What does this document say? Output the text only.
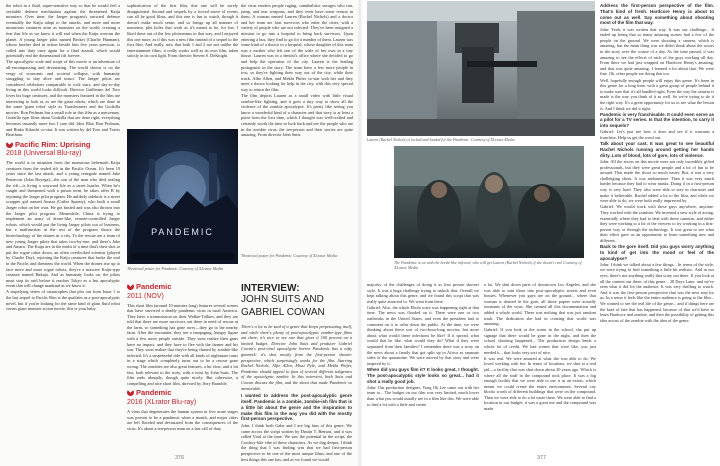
the robot in a fluid, super-sensitive way so that he would feel a veritable defense mechanism against the threatened Kaiju monsters. Over time, the Jaeger program's outward defense eventually the Kaiju adapt to the attacks, and more and more monstrous creatures arise as monsters on the world, creating a fear that life as we know it will end when the Kaiju overrun the planet. A young Jaeger pilot named Becket (Charlie Hunnam), whose brother died in action beside him five years previous, is called into duty once again for a final assault, which would potentially end the dimensional rift forever.

The apocalyptic scale and scope of this movie is an adventure of all-encompassing and devastating. The world shown is on the verge of economic and societal collapse, with humanity struggling to stay alive and intact. The Jaeger pilots are considered celebrities comparable to rock stars, and day-to-day living in this world looks difficult. Director Guillermo del Toro loves his huge creatures, and the monsters featured in the film are interesting to look at, as are the giant robots, which are done in the same 'giant robot' style as Transformers and the Godzilla movies. Ron Perlman has a small role in this film as a mercenary. Godzilla type films about Godzilla that are done right, everything becomes instantly more fun. I sure did. Idris Elba, Ron Perlman, and Rinko Kikuchi co-star. It was written by del Toro and Travis Beacham.

Pacific Rim: Uprising
2018 (Universal Blu-ray)

The world is in ruination from the monstrous behemoth Kaiju creatures from the sealed rift in the Pacific Ocean. It's been 10 years since the last attack, and a young renegade named Jake Pentecost (John Boyega)—the son of the man who died sealing the rift—is living a wayward life as a street hustler. When he's caught and threatened with a prison term, he takes offer B by rejoining the Jaeger pilot program. He unlikely sidekick is a street scrapper girl named Amara (Cailee Spaeny), who built a small Jaeger robot on her own. He got busted and was also thrown into the Jaeger pilot program. Meanwhile, China is trying to implement an army of drone-like, remote-controlled Jaeger robots, which would put the living Jaeger pilots out of business, but a malfunction in the rest of the program shows the biotechnology of the drones in a city. To the rescue are a team of new young Jaeger pilots that takes two-by-one, and there's Jake and Amara. The Kaiju are in the midst of a time that's their shot to put the rogue robot down, an often overlooked scientist (played by Charlie Day), rejoining the Kaiju creatures that broke the seal in the Pacific and threatens the world. When the drones rise up to face more and more rogue robots, they're a massive Kaiju-type creature named Hakuja. And as humanity looks on, the pilots must stop its raid before it reaches Tokyo as a last apocalyptic event that will change mankind as we know it.

A stupefying series of catastrophes that plot out from Issue 1 to the last sequel to Pacific Rim is the qualities as a post-apocalyptic novel, but if you're looking for the same kind of giant fluid robot versus giant monster action movie, this is your baby.

sophistication of the first film, this one will be sorely disappointed. Second and sequels by a forced move of events can all be good films, and this one is fun to watch, though it doesn't make much sense, and so brings up all manner of nonsense, plot holes that work as it's meant to be, for fun. I liked these out of the few plotstreams in that way, and I enjoyed this one more, as if this was a new film instead of a sequel to the first film. And really, now that both 1 and 2 are not unlike the entertainment films, it really works well as its own film, taken strictly in its own light. From director Steven S. DeKnight.

PANDEMIC
Theatrical poster for Pandemic. Courtesy of XLrator Media
Pandemic
2011 (NOV)

This short film (around 10 minutes long) features several scenes that have survived a deadly pandemic virus in rural America. They have a transmission on their Walkie-Talkies, and they are told that there are more survivors out there in need of rescue at the farm, so something has gone awry—they go to the nearby farm. After the encounter, they see a rampaging, hungry figure with a few more people outside. They soon realize their guns have no impact, and they have to flee with the farmer and his son. They soon realize that they're being chased by zombie-like infected. It's a suspenseful ride with all kinds of nightmare turns in a stage which completely turns out to be a rescue gone wrong. The zombies are also great features, a bit slow, and a bit fast, both relevant to the story, with a twist by John Suits. The film ends abruptly, though quite nicely. But otherwise, a compelling and nice short film, directed by Jerry Bramble.

Pandemic
2016 (XLrator Blu-ray)

A virus that degenerates the human system in five acute stages was proven to be a pandemic when a month, and major cities are left flooded and devastated from the consequences of the virus. It's about a ten-person team on a last call of duty

the virus renders people raging, cannibalistic savages who run, jump, and tear weapons, and they even have some reason in them. A woman named Lauren (Rachel Nichols) and a doctor and her team are four survivors who enter the cities, with a variety of people who are not infected. They've been assigned a mission to go into a hospital to bring back survivors. Upon entering a bus, they find to go for a number of them. Lauren was some kind of a doctor in a hospital, whose daughter of this team was a mother who left one of the scale of her own in a tiny house. Lauren was in a dentist's office where she decided to go and help the operation of the city. Lauren is the leading protagonist in the story. The team have a few more people in tow, so they're fighting their way out of the city, while their truck. Alfie Allen, and Mekhi Phifer co-star with her and they meet a doctor looking for help in the city, with this very special way to return the film.

The film depicts Lauren as a small video with little visual zombie-like fighting, and it goes a tiny way to show all the violence of the zombie apocalypse. It's pretty like seeing you know a wonderful kind of a character and that story is at least a point from the first time, which I thought was well-crafted and certainly worth the time to look back and see the people who are in the zombie virus, the ten-person and their stories are quite amazing. From director John Suits.

Theatrical poster for Pandemic. Courtesy of XLrator Media
INTERVIEW:
JOHN SUITS AND
GABRIEL COWAN

There's a lot to be said of a genre that keeps perpetuating itself, and while there's plenty of post-apocalyptic zombie-type films out there, it's nice to see one that gives it 100 percent on a limited budget. Director John Suits and producer Gabriel Cowan's post-viral apocalyptic horror Pandemic has a nifty gimmick: it's shot mostly from the first-person shooter perspective, which surprisingly works for the film. Starring Rachel Nichols, Alfie Allen, Missi Pyle, and Mekhi Phifer, Pandemic should appeal to fans of several different subgenres of the apocalyptic zombie. In this interview, both Suits and Cowan discuss the film, and the shoot that made Pandemic so memorable.

I wanted to address the post-apocalyptic genre itself. Pandemic is a zombie, zombie-ish film that is a little bit about the genre and the inspiration to make this film in the way you did with the mostly first-person perspective.

John: I think both Gabe and I are big fans of this genre. We came across the script written by Dustin T. Benson, and it was called Viral at the time. We saw the potential in the script, the Cowboy-like vibe of these characters. As we dug deeper, I think the thing that I was finding was that we had first-person perspective to be one of the most unique films, and one of the best things this one has, and as we found we would

376
Lauren (Rachel Nichols) is locked and loaded for the Pandemic. Courtesy of XLrator Media
The Pandemic is on with the horde-like infected, who will get Lauren (Rachel Nichols) if she doesn't run! Courtesy of XLrator Media

majority of the challenges of doing it as first person shooter style. It was a huge challenge trying to unlock that. Overall we kept talking about this genre, and we found this script that was really quite attracted to. We went from there.

Gabriel: Also, the whole Ebola scare was happening right at that time. The news was flooded on it. There were one or two outbreaks in the United States, and even the president had to comment on it to calm down the public. At the time, we were thinking about these sort of two-hour-long movies, but more about what would these infections be like? If it spread, what would that be like, what would they do? What if they were separated from their families? I remember there was a story on the news about a family that got split up in Africa as separate sides of the quarantine. We were moved by that story and were inspired by it.

When did you guys film it? It looks great, I thought. The post-apocalyptic style looks so great... had it shot a really good job.

John: Our production designer, Yong Ok Lee came out with her team to... The budget on our film was very limited, much lower than what you would usually see in a film like this. We were able to find a lot with a little and create

a lot. We shut down parts of downtown Los Angeles, and she was able to turn those into post-apocalyptic streets and even houses. Whenever you guys are on the ground... where that woman is doused in the gore, all those papers were actually remnants of the virus. She created all this documentation and added a whole world. There was nothing that was just random trash. The dedication she had in creating that world was amazing.

Gabriel: If you look at the scene in the school, she put up signage that there would be gone in the night, and then the school shooting happened... The production design lends a whole lot of credit. We had scenes that were like, you just needed it... that looks very sort of nice.

It was real. We were amazed at what she was able to do. We loved working with her. In terms of locations, we shot at a real jail—a facility that was shut down about 20 years ago. Which is where all the stuff in the compound took place. It was a big enough facility that we were able to use it as an extras, which meant we could create the entire environment. Several city blocks worth of different buildings that were on the compound. Then we were able to do a lot more there. We were able to find a location in our budget; it was a great use and the compound was made.

Address the first-person perspective of the film. That's kind of fresh. Hardcore Henry is about to come out as well. Say something about shooting most of the film that way.

John: Yeah, it was written that way. It was our challenge... It ended up being that so many amazing stories had a few of the people on the ground. We were shooting a camera, which is amazing, but the main thing was we didn't think about the actors in the story over the course of a day. As the time passed, it was amazing to see the effects of each of the guys working all day. From there we had just wrapped on Hardcore Henry's amazing, and that was quite amazing. I learned a lot about that. We were fine. Ok, other people are doing that too.

Well, hopefully enough people will enjoy this genre. It's been in this genre for a long time, with a great group of people behind it to make sure that it's all handled right. Even the way the camera is made is the way you think of it as well. So we're trying to do it the right way. It's a great opportunity for us to see what the lesson is. And I think we did it right.

Pandemic is very franchisable. It could even serve as a pilot for a TV series. Is that the intention, to carry it into sequels?

Gabriel: Let's just see how it does and see if it warrants a franchise. Help us get the word out.

Talk about your cast. It was great to see beautiful Rachel Nichols running around getting her hands dirty. Lots of blood, lots of gore, lots of violence.

John: All the actors on this movie were not only incredibly gifted professionals, but they were great people and a lot of fun to be around. That made the shoot so much easier. But, it was a very challenging shoot. It was midsummer. Then it was very much harder because they had to wear masks. Doing it in a first-person way is very hard. They also were able to stay in character and make it believable. Rachel added a lot to the film, and while we were able to do, we were both really impressed by.

Gabriel: We would work with these guys anywhere, anytime. They worked with the zombies. We invested a new style of acting, essentially where they had to deal with these cameras, and either they were working to a lot of the viewers to try working in a first-person way or through the technology. It was great to see what their effort gave us an opportunity to learn something new and different.

Back to the gore itself. Did you guys worry anything to kind of get into the mood or feel of the apocalypse?

John: I think we talked about a few things... In terms of the style, we were trying to find something a little bit realistic. And in our eyes, there's not anything really that scary out there. If you look at all the content out there, of this genre... 28 Days Later, and we've seen what it did for the audience. It was very thrilling to watch. And it was the first-person perspective that was the next step for us. In a sense it feels like the entire audience is going to the film... We wanted to see the real life of the genre... and if things here are the kind of fate that has happened, because of that we'd have to learn Hardcore and zombie, and then the possibility of getting this idea across of the zombie with the idea of the genre.

377
